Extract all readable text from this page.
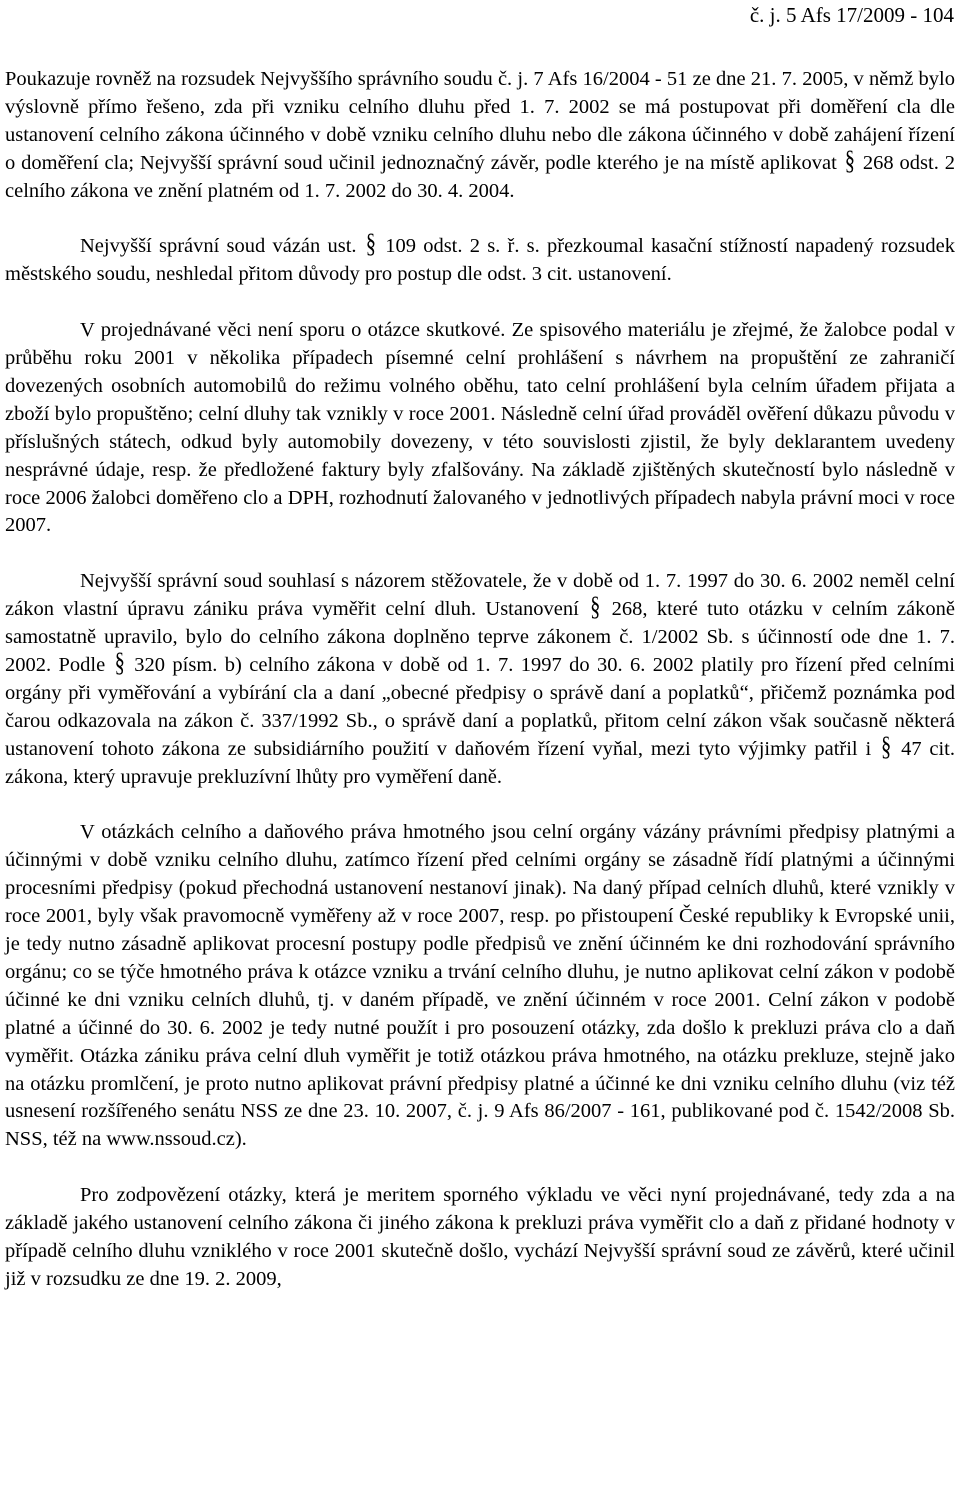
č. j. 5 Afs 17/2009 - 104

Poukazuje rovněž na rozsudek Nejvyššího správního soudu č. j. 7 Afs 16/2004 - 51 ze dne 21. 7. 2005, v němž bylo výslovně přímo řešeno, zda při vzniku celního dluhu před 1. 7. 2002 se má postupovat při doměření cla dle ustanovení celního zákona účinného v době vzniku celního dluhu nebo dle zákona účinného v době zahájení řízení o doměření cla; Nejvyšší správní soud učinil jednoznačný závěr, podle kterého je na místě aplikovat § 268 odst. 2 celního zákona ve znění platném od 1. 7. 2002 do 30. 4. 2004.

Nejvyšší správní soud vázán ust. § 109 odst. 2 s. ř. s. přezkoumal kasační stížností napadený rozsudek městského soudu, neshledal přitom důvody pro postup dle odst. 3 cit. ustanovení.

V projednávané věci není sporu o otázce skutkové. Ze spisového materiálu je zřejmé, že žalobce podal v průběhu roku 2001 v několika případech písemné celní prohlášení s návrhem na propuštění ze zahraničí dovezených osobních automobilů do režimu volného oběhu, tato celní prohlášení byla celním úřadem přijata a zboží bylo propuštěno; celní dluhy tak vznikly v roce 2001. Následně celní úřad prováděl ověření důkazu původu v příslušných státech, odkud byly automobily dovezeny, v této souvislosti zjistil, že byly deklarantem uvedeny nesprávné údaje, resp. že předložené faktury byly zfalšovány. Na základě zjištěných skutečností bylo následně v roce 2006 žalobci doměřeno clo a DPH, rozhodnutí žalovaného v jednotlivých případech nabyla právní moci v roce 2007.

Nejvyšší správní soud souhlasí s názorem stěžovatele, že v době od 1. 7. 1997 do 30. 6. 2002 neměl celní zákon vlastní úpravu zániku práva vyměřit celní dluh. Ustanovení § 268, které tuto otázku v celním zákoně samostatně upravilo, bylo do celního zákona doplněno teprve zákonem č. 1/2002 Sb. s účinností ode dne 1. 7. 2002. Podle § 320 písm. b) celního zákona v době od 1. 7. 1997 do 30. 6. 2002 platily pro řízení před celními orgány při vyměřování a vybírání cla a daní „obecné předpisy o správě daní a poplatků“, přičemž poznámka pod čarou odkazovala na zákon č. 337/1992 Sb., o správě daní a poplatků, přitom celní zákon však současně některá ustanovení tohoto zákona ze subsidiárního použití v daňovém řízení vyňal, mezi tyto výjimky patřil i § 47 cit. zákona, který upravuje prekluzívní lhůty pro vyměření daně.

V otázkách celního a daňového práva hmotného jsou celní orgány vázány právními předpisy platnými a účinnými v době vzniku celního dluhu, zatímco řízení před celními orgány se zásadně řídí platnými a účinnými procesními předpisy (pokud přechodná ustanovení nestanoví jinak). Na daný případ celních dluhů, které vznikly v roce 2001, byly však pravomocně vyměřeny až v roce 2007, resp. po přistoupení České republiky k Evropské unii, je tedy nutno zásadně aplikovat procesní postupy podle předpisů ve znění účinném ke dni rozhodování správního orgánu; co se týče hmotného práva k otázce vzniku a trvání celního dluhu, je nutno aplikovat celní zákon v podobě účinné ke dni vzniku celních dluhů, tj. v daném případě, ve znění účinném v roce 2001. Celní zákon v podobě platné a účinné do 30. 6. 2002 je tedy nutné použít i pro posouzení otázky, zda došlo k prekluzi práva clo a daň vyměřit. Otázka zániku práva celní dluh vyměřit je totiž otázkou práva hmotného, na otázku prekluze, stejně jako na otázku promlčení, je proto nutno aplikovat právní předpisy platné a účinné ke dni vzniku celního dluhu (viz též usnesení rozšířeného senátu NSS ze dne 23. 10. 2007, č. j. 9 Afs 86/2007 - 161, publikované pod č. 1542/2008 Sb. NSS, též na www.nssoud.cz).

Pro zodpovězení otázky, která je meritem sporného výkladu ve věci nyní projednávané, tedy zda a na základě jakého ustanovení celního zákona či jiného zákona k prekluzi práva vyměřit clo a daň z přidané hodnoty v případě celního dluhu vzniklého v roce 2001 skutečně došlo, vychází Nejvyšší správní soud ze závěrů, které učinil již v rozsudku ze dne 19. 2. 2009,
